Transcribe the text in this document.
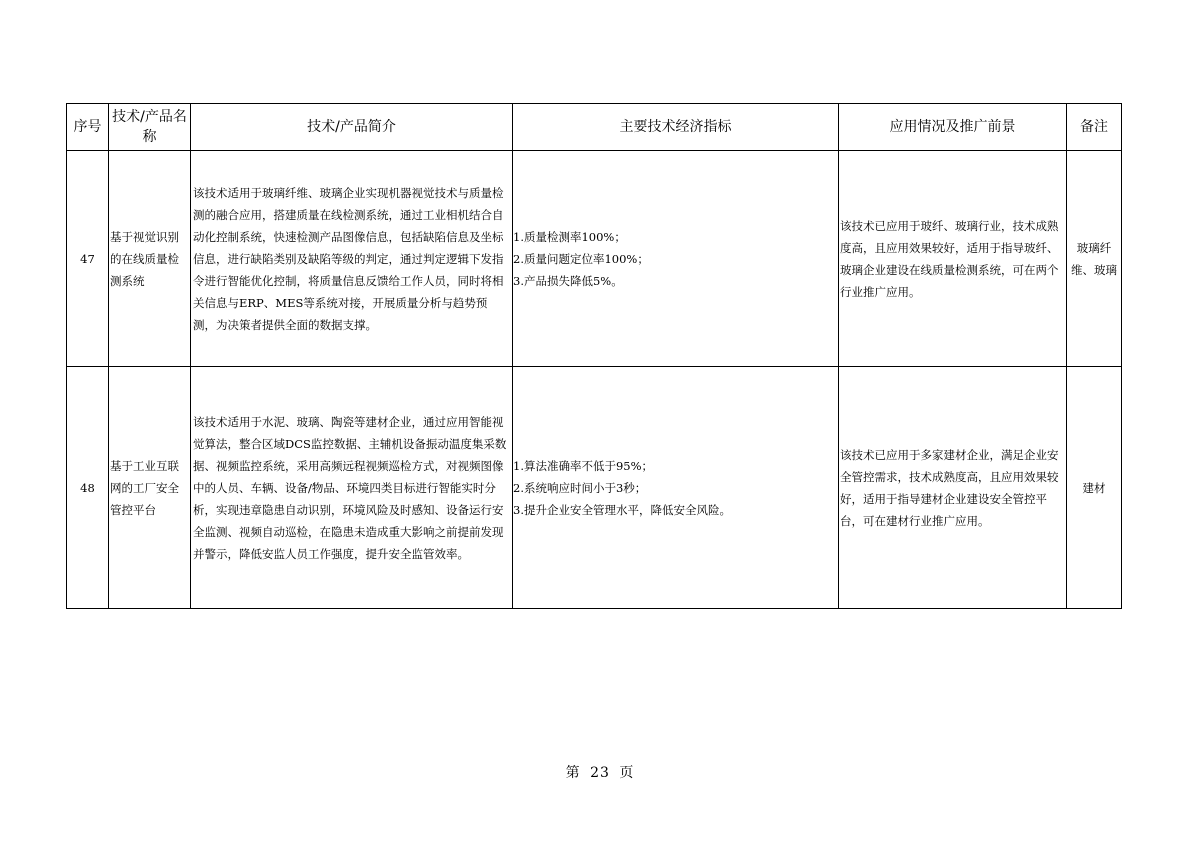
序号	技术/产品名称	技术/产品简介	主要技术经济指标	应用情况及推广前景	备注
47	基于视觉识别的在线质量检测系统	该技术适用于玻璃纤维、玻璃企业实现机器视觉技术与质量检测的融合应用，搭建质量在线检测系统，通过工业相机结合自动化控制系统，快速检测产品图像信息，包括缺陷信息及坐标信息，进行缺陷类别及缺陷等级的判定，通过判定逻辑下发指令进行智能优化控制，将质量信息反馈给工作人员，同时将相关信息与ERP、MES等系统对接，开展质量分析与趋势预测，为决策者提供全面的数据支撑。	1.质量检测率100%；
2.质量问题定位率100%；
3.产品损失降低5%。	该技术已应用于玻纤、玻璃行业，技术成熟度高，且应用效果较好，适用于指导玻纤、玻璃企业建设在线质量检测系统，可在两个行业推广应用。	玻璃纤维、玻璃
48	基于工业互联网的工厂安全管控平台	该技术适用于水泥、玻璃、陶瓷等建材企业，通过应用智能视觉算法，整合区域DCS监控数据、主辅机设备振动温度集采数据、视频监控系统，采用高频远程视频巡检方式，对视频图像中的人员、车辆、设备/物品、环境四类目标进行智能实时分析，实现违章隐患自动识别，环境风险及时感知、设备运行安全监测、视频自动巡检，在隐患未造成重大影响之前提前发现并警示，降低安监人员工作强度，提升安全监管效率。	1.算法准确率不低于95%；
2.系统响应时间小于3秒；
3.提升企业安全管理水平，降低安全风险。	该技术已应用于多家建材企业，满足企业安全管控需求，技术成熟度高，且应用效果较好，适用于指导建材企业建设安全管控平台，可在建材行业推广应用。	建材
第 23 页
